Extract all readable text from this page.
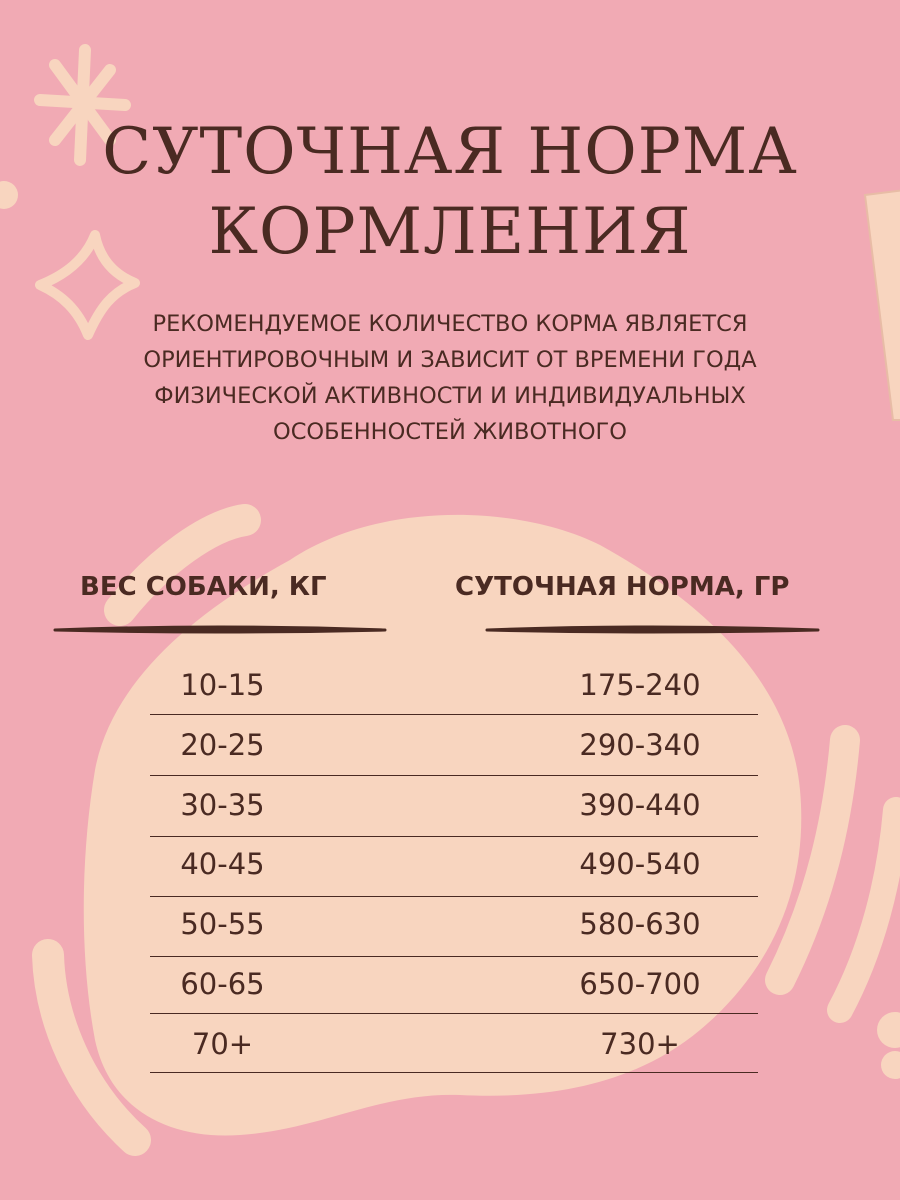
СУТОЧНАЯ НОРМА
КОРМЛЕНИЯ

РЕКОМЕНДУЕМОЕ КОЛИЧЕСТВО КОРМА ЯВЛЯЕТСЯ
ОРИЕНТИРОВОЧНЫМ И ЗАВИСИТ ОТ ВРЕМЕНИ ГОДА
ФИЗИЧЕСКОЙ АКТИВНОСТИ И ИНДИВИДУАЛЬНЫХ
ОСОБЕННОСТЕЙ ЖИВОТНОГО

ВЕС СОБАКИ, КГ	СУТОЧНАЯ НОРМА, ГР
10-15	175-240
20-25	290-340
30-35	390-440
40-45	490-540
50-55	580-630
60-65	650-700
70+	730+
